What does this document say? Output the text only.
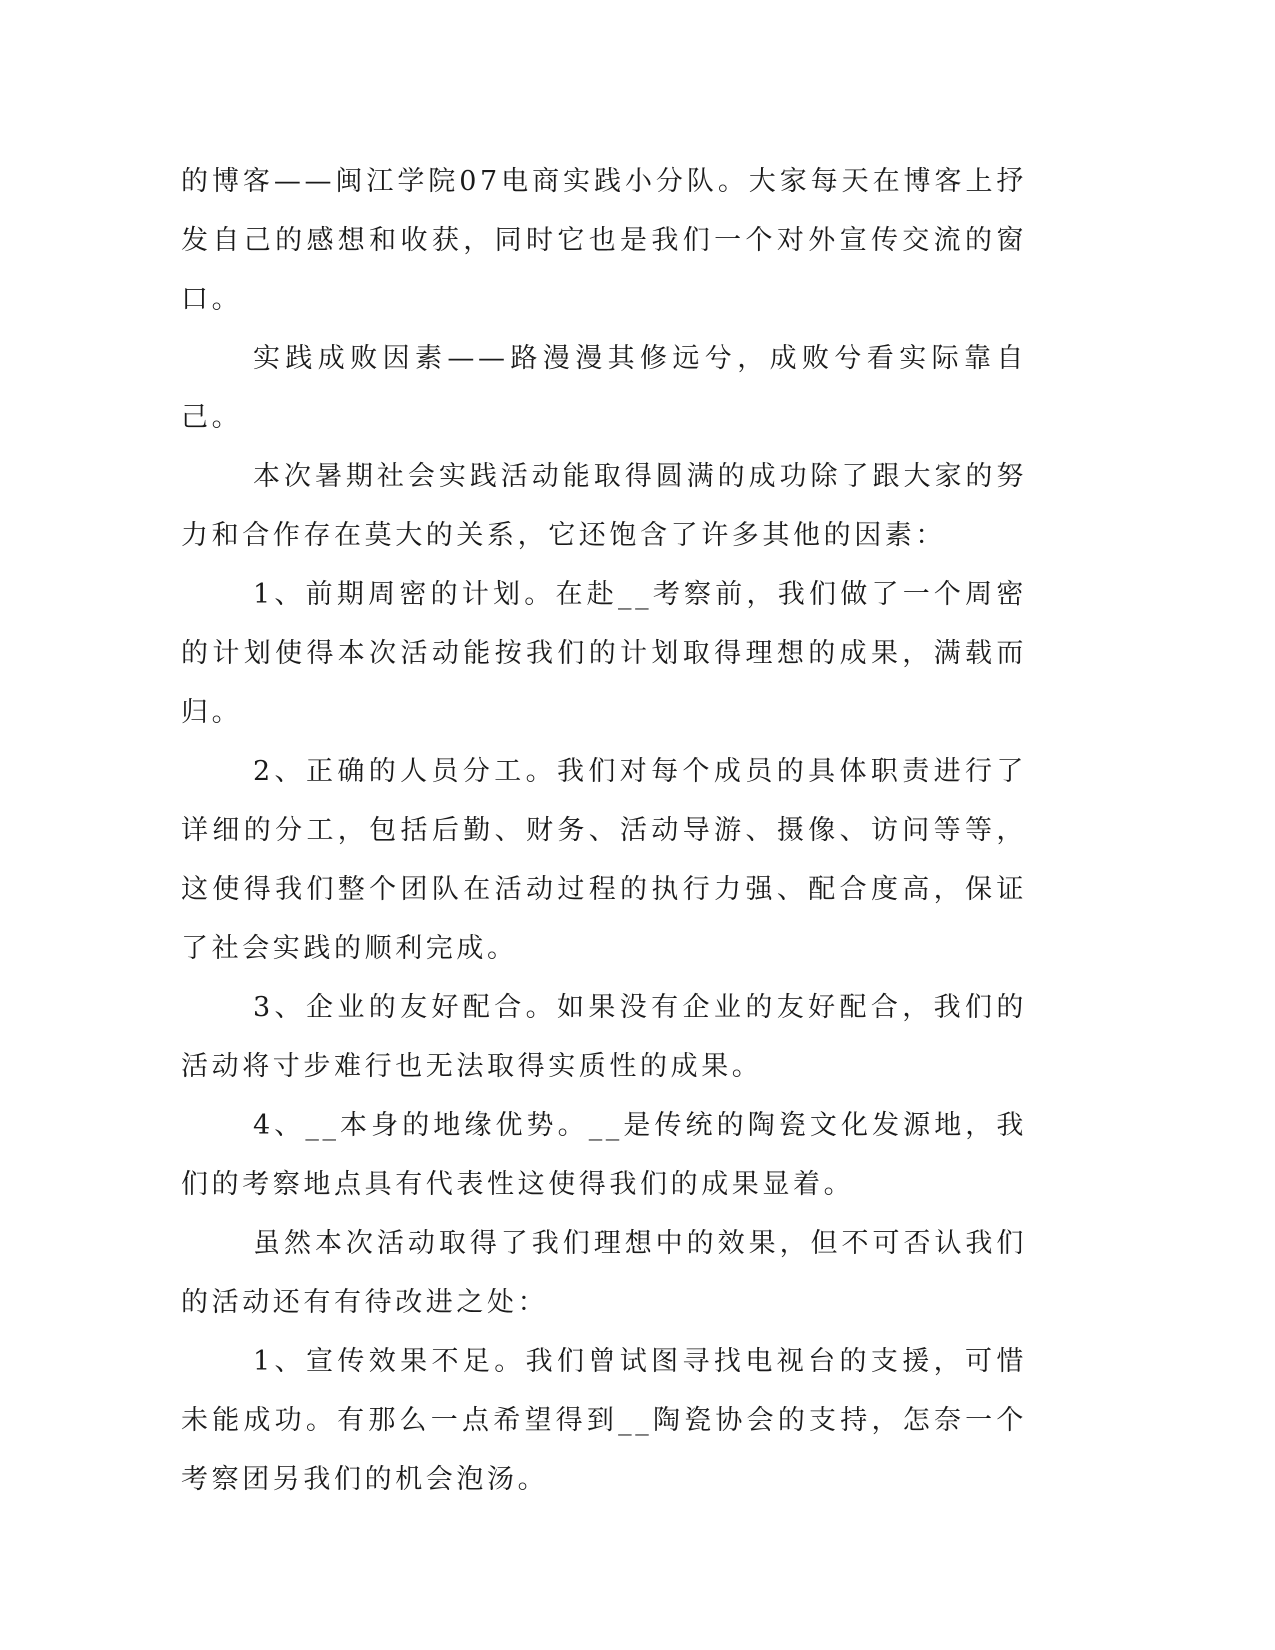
的博客——闽江学院07电商实践小分队。大家每天在博客上抒发自己的感想和收获，同时它也是我们一个对外宣传交流的窗口。

实践成败因素——路漫漫其修远兮，成败兮看实际靠自己。

本次暑期社会实践活动能取得圆满的成功除了跟大家的努力和合作存在莫大的关系，它还饱含了许多其他的因素：

1、前期周密的计划。在赴__考察前，我们做了一个周密的计划使得本次活动能按我们的计划取得理想的成果，满载而归。

2、正确的人员分工。我们对每个成员的具体职责进行了详细的分工，包括后勤、财务、活动导游、摄像、访问等等，这使得我们整个团队在活动过程的执行力强、配合度高，保证了社会实践的顺利完成。

3、企业的友好配合。如果没有企业的友好配合，我们的活动将寸步难行也无法取得实质性的成果。

4、__本身的地缘优势。__是传统的陶瓷文化发源地，我们的考察地点具有代表性这使得我们的成果显着。

虽然本次活动取得了我们理想中的效果，但不可否认我们的活动还有有待改进之处：

1、宣传效果不足。我们曾试图寻找电视台的支援，可惜未能成功。有那么一点希望得到__陶瓷协会的支持，怎奈一个考察团另我们的机会泡汤。
